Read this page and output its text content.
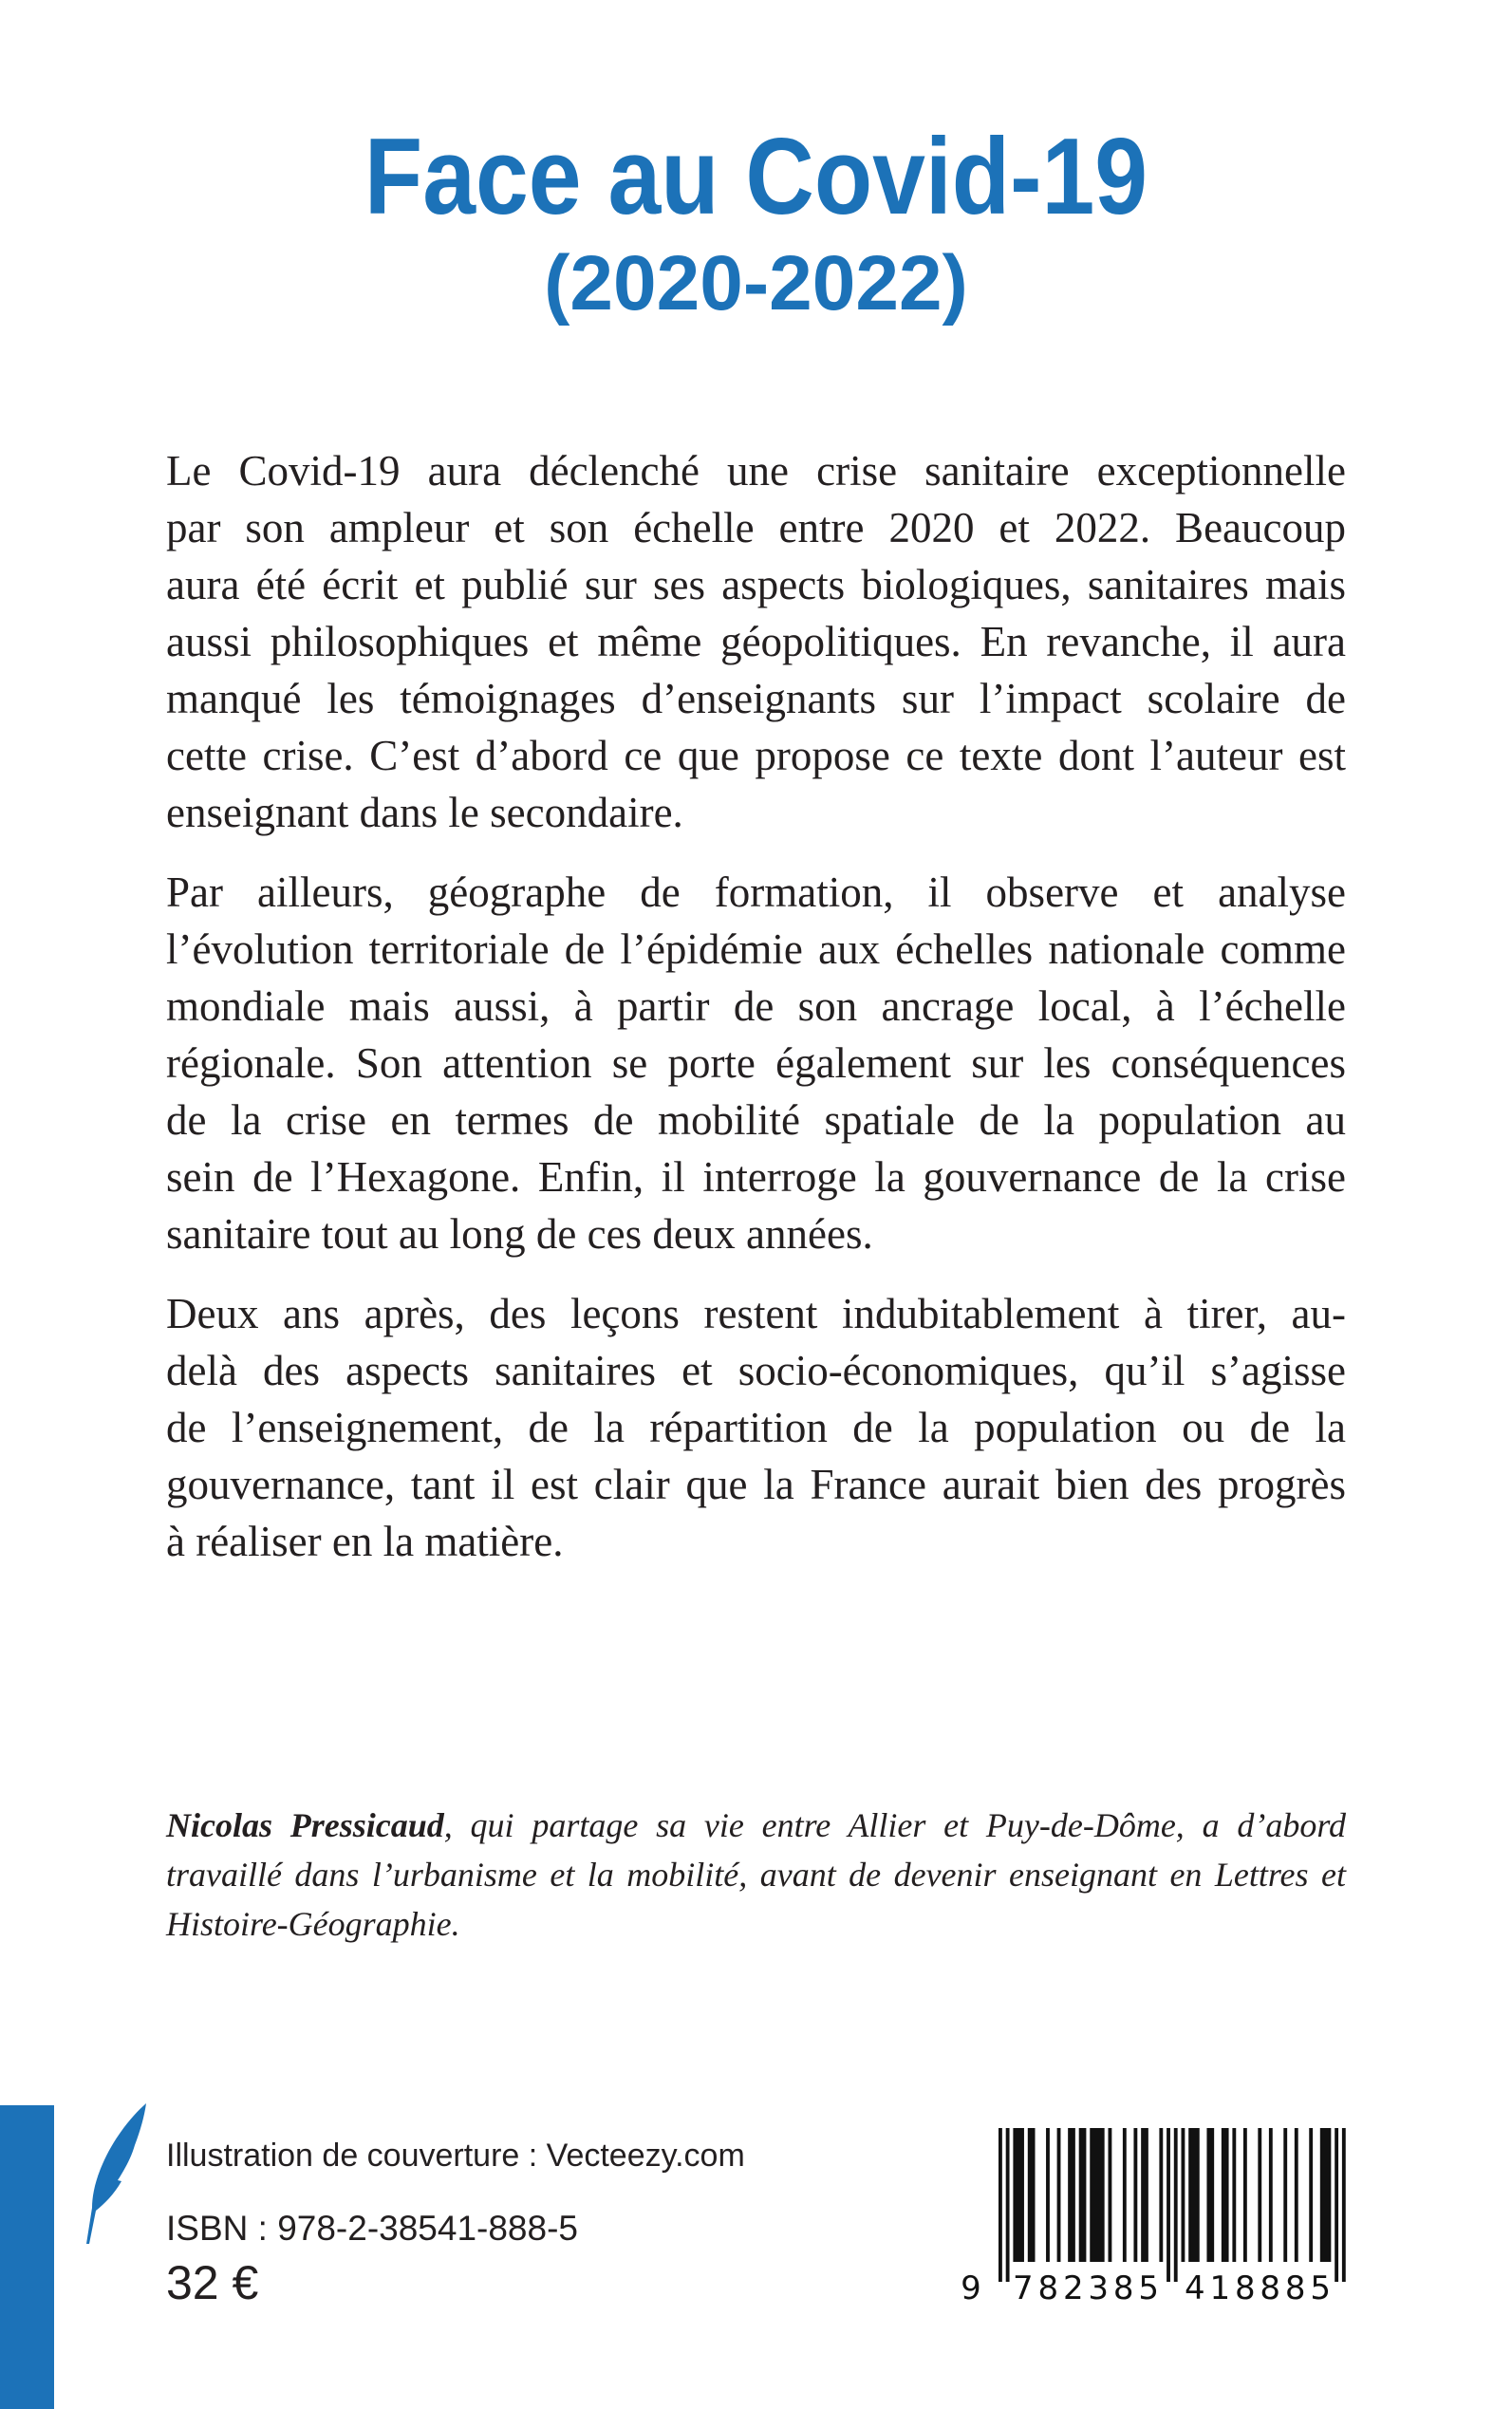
Face au Covid-19
(2020-2022)
Le Covid-19 aura déclenché une crise sanitaire exceptionnelle
par son ampleur et son échelle entre 2020 et 2022. Beaucoup
aura été écrit et publié sur ses aspects biologiques, sanitaires mais
aussi philosophiques et même géopolitiques. En revanche, il aura
manqué les témoignages d’enseignants sur l’impact scolaire de
cette crise. C’est d’abord ce que propose ce texte dont l’auteur est
enseignant dans le secondaire.
Par ailleurs, géographe de formation, il observe et analyse
l’évolution territoriale de l’épidémie aux échelles nationale comme
mondiale mais aussi, à partir de son ancrage local, à l’échelle
régionale. Son attention se porte également sur les conséquences
de la crise en termes de mobilité spatiale de la population au
sein de l’Hexagone. Enfin, il interroge la gouvernance de la crise
sanitaire tout au long de ces deux années.
Deux ans après, des leçons restent indubitablement à tirer, au-
delà des aspects sanitaires et socio-économiques, qu’il s’agisse
de l’enseignement, de la répartition de la population ou de la
gouvernance, tant il est clair que la France aurait bien des progrès
à réaliser en la matière.
Nicolas Pressicaud, qui partage sa vie entre Allier et Puy-de-Dôme, a d’abord
travaillé dans l’urbanisme et la mobilité, avant de devenir enseignant en Lettres et
Histoire-Géographie.
Illustration de couverture : Vecteezy.com
ISBN : 978-2-38541-888-5
32 €	9 782385 418885
